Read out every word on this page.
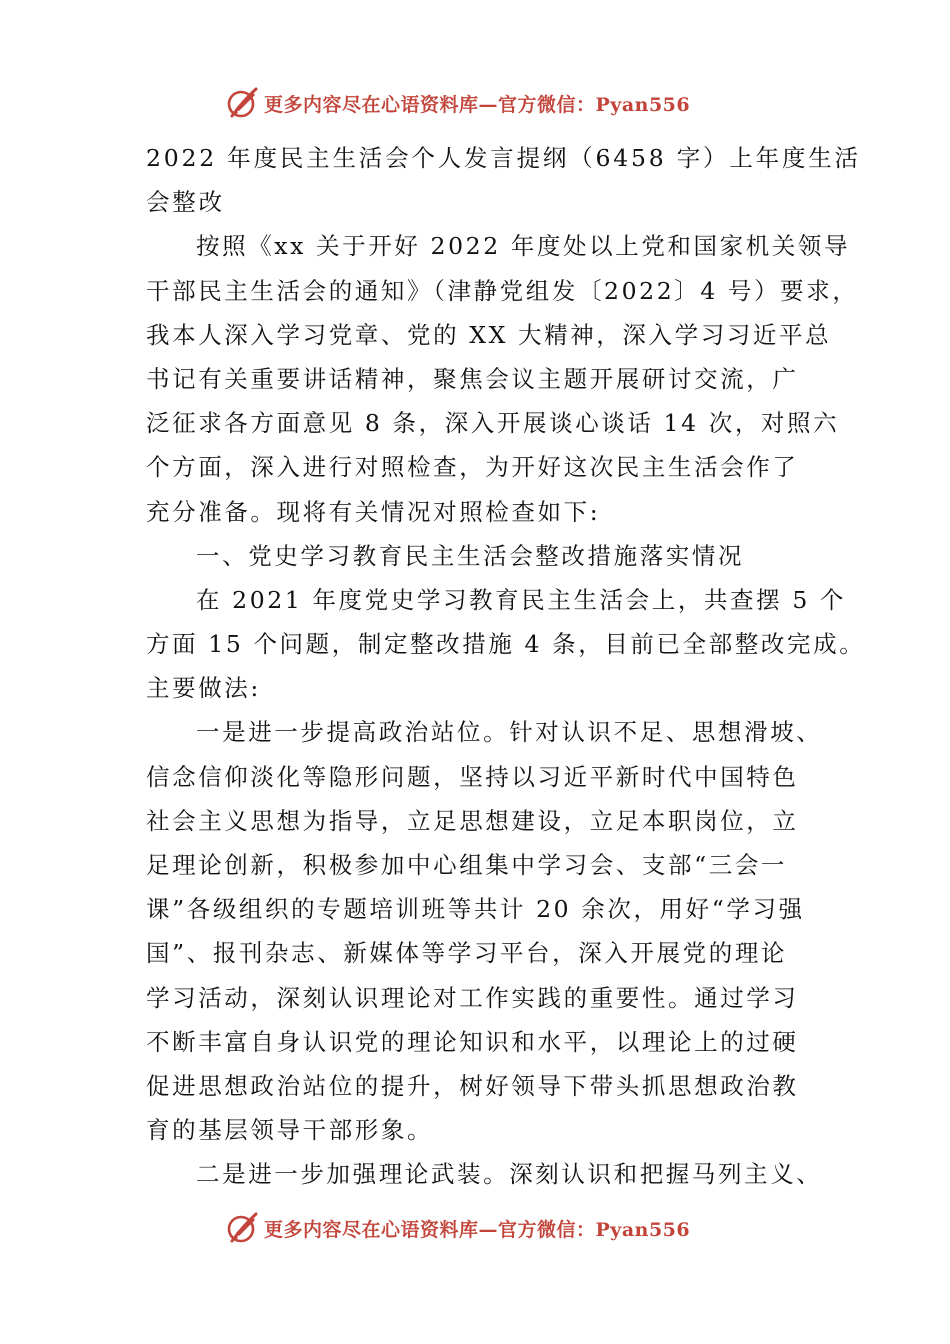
更多内容尽在心语资料库—官方微信：Pyan556
2022 年度民主生活会个人发言提纲（6458 字）上年度生活
会整改
按照《xx 关于开好 2022 年度处以上党和国家机关领导
干部民主生活会的通知》（津静党组发〔2022〕4 号）要求，
我本人深入学习党章、党的 XX 大精神，深入学习习近平总
书记有关重要讲话精神，聚焦会议主题开展研讨交流，广
泛征求各方面意见 8 条，深入开展谈心谈话 14 次，对照六
个方面，深入进行对照检查，为开好这次民主生活会作了
充分准备。现将有关情况对照检查如下:
一、党史学习教育民主生活会整改措施落实情况
在 2021 年度党史学习教育民主生活会上，共查摆 5 个
方面 15 个问题，制定整改措施 4 条，目前已全部整改完成。
主要做法:
一是进一步提高政治站位。针对认识不足、思想滑坡、
信念信仰淡化等隐形问题，坚持以习近平新时代中国特色
社会主义思想为指导，立足思想建设，立足本职岗位，立
足理论创新，积极参加中心组集中学习会、支部“三会一
课”各级组织的专题培训班等共计 20 余次，用好“学习强
国”、报刊杂志、新媒体等学习平台，深入开展党的理论
学习活动，深刻认识理论对工作实践的重要性。通过学习
不断丰富自身认识党的理论知识和水平，以理论上的过硬
促进思想政治站位的提升，树好领导下带头抓思想政治教
育的基层领导干部形象。
二是进一步加强理论武装。深刻认识和把握马列主义、
更多内容尽在心语资料库—官方微信：Pyan556
